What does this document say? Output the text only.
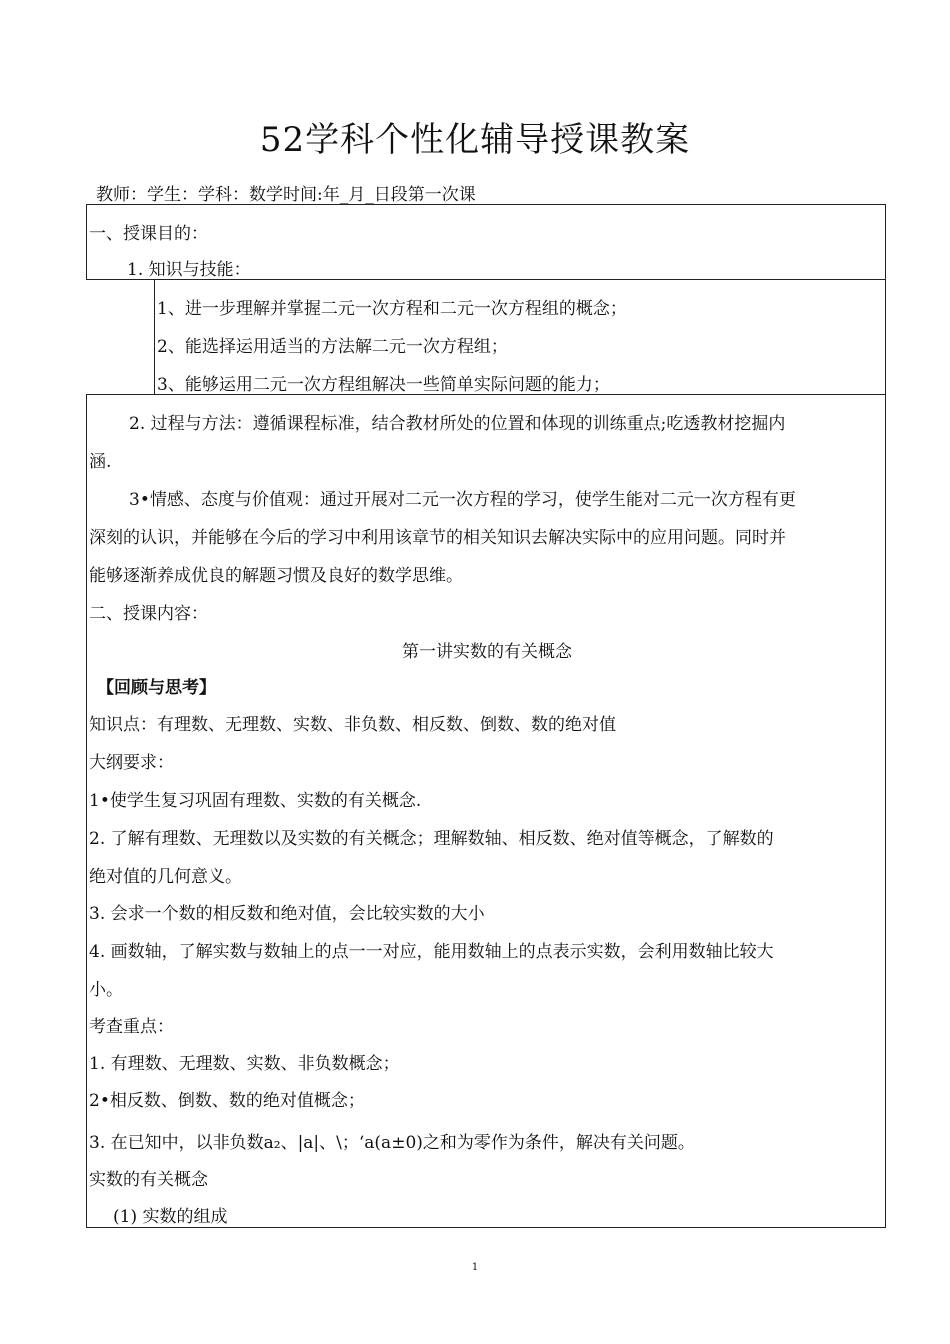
52学科个性化辅导授课教案
教师：学生：学科：数学时间:年_月_日段第一次课
一、授课目的：
1. 知识与技能：
1、进一步理解并掌握二元一次方程和二元一次方程组的概念；
2、能选择运用适当的方法解二元一次方程组；
3、能够运用二元一次方程组解决一些简单实际问题的能力；
2. 过程与方法：遵循课程标准，结合教材所处的位置和体现的训练重点;吃透教材挖掘内
涵.
3•情感、态度与价值观：通过开展对二元一次方程的学习，使学生能对二元一次方程有更
深刻的认识，并能够在今后的学习中利用该章节的相关知识去解决实际中的应用问题。同时并
能够逐渐养成优良的解题习惯及良好的数学思维。
二、授课内容：
第一讲实数的有关概念
【回顾与思考】
知识点：有理数、无理数、实数、非负数、相反数、倒数、数的绝对值
大纲要求：
1•使学生复习巩固有理数、实数的有关概念.
2. 了解有理数、无理数以及实数的有关概念；理解数轴、相反数、绝对值等概念，了解数的
绝对值的几何意义。
3. 会求一个数的相反数和绝对值，会比较实数的大小
4. 画数轴，了解实数与数轴上的点一一对应，能用数轴上的点表示实数，会利用数轴比较大
小。
考查重点：
1. 有理数、无理数、实数、非负数概念；
2•相反数、倒数、数的绝对值概念；
3. 在已知中，以非负数a₂、|a|、\；‘a(a±0)之和为零作为条件，解决有关问题。
实数的有关概念
(1) 实数的组成
1
